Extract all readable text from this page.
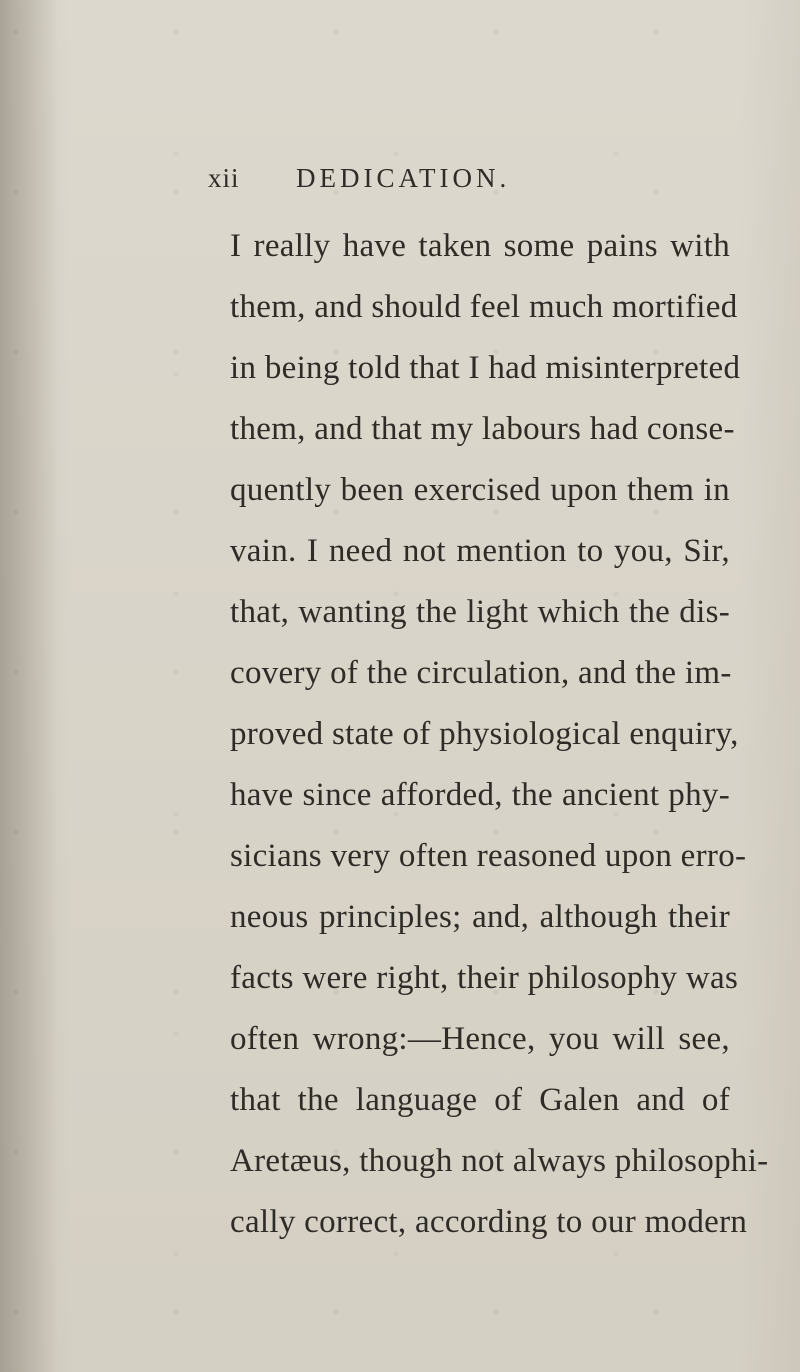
xii DEDICATION.
I really have taken some pains with
them, and should feel much mortified
in being told that I had misinterpreted
them, and that my labours had conse-
quently been exercised upon them in
vain. I need not mention to you, Sir,
that, wanting the light which the dis-
covery of the circulation, and the im-
proved state of physiological enquiry,
have since afforded, the ancient phy-
sicians very often reasoned upon erro-
neous principles; and, although their
facts were right, their philosophy was
often wrong:—Hence, you will see,
that the language of Galen and of
Aretæus, though not always philosophi-
cally correct, according to our modern
